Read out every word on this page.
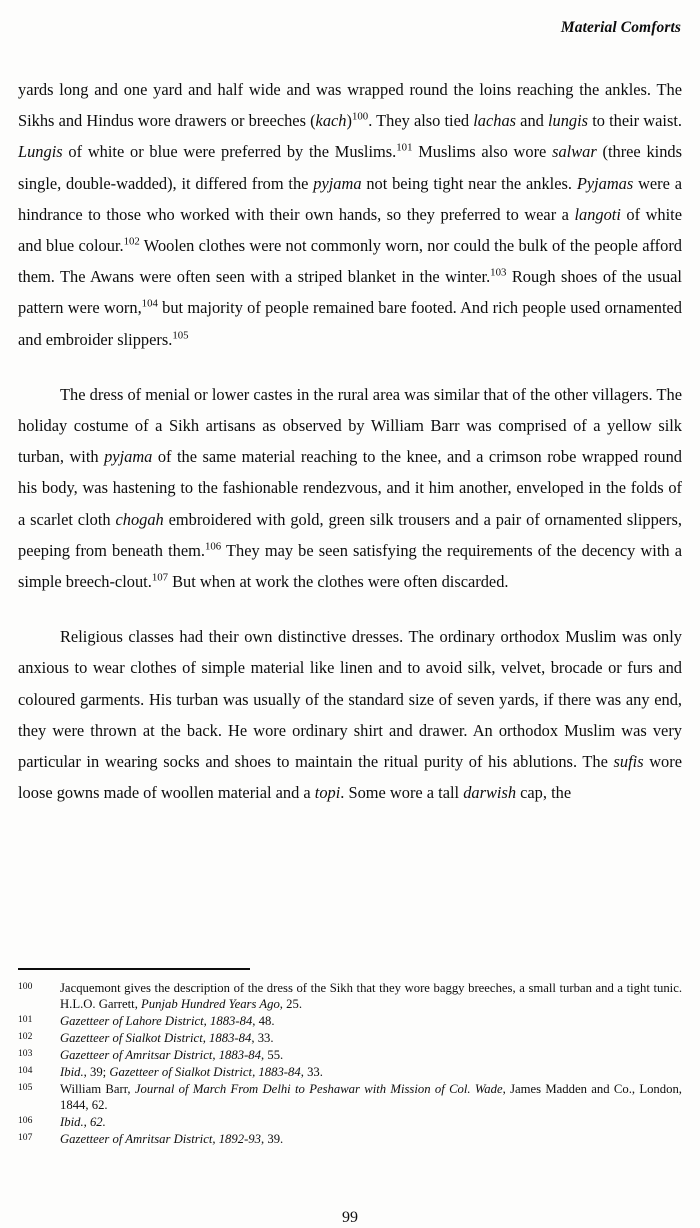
Material Comforts

yards long and one yard and half wide and was wrapped round the loins reaching the ankles. The Sikhs and Hindus wore drawers or breeches (kach)$^{100}$. They also tied lachas and lungis to their waist. Lungis of white or blue were preferred by the Muslims.$^{101}$ Muslims also wore salwar (three kinds single, double-wadded), it differed from the pyjama not being tight near the ankles. Pyjamas were a hindrance to those who worked with their own hands, so they preferred to wear a langoti of white and blue colour.$^{102}$ Woolen clothes were not commonly worn, nor could the bulk of the people afford them. The Awans were often seen with a striped blanket in the winter.$^{103}$ Rough shoes of the usual pattern were worn,$^{104}$ but majority of people remained bare footed. And rich people used ornamented and embroider slippers.$^{105}$

The dress of menial or lower castes in the rural area was similar that of the other villagers. The holiday costume of a Sikh artisans as observed by William Barr was comprised of a yellow silk turban, with pyjama of the same material reaching to the knee, and a crimson robe wrapped round his body, was hastening to the fashionable rendezvous, and it him another, enveloped in the folds of a scarlet cloth chogah embroidered with gold, green silk trousers and a pair of ornamented slippers, peeping from beneath them.$^{106}$ They may be seen satisfying the requirements of the decency with a simple breech-clout.$^{107}$ But when at work the clothes were often discarded.

Religious classes had their own distinctive dresses. The ordinary orthodox Muslim was only anxious to wear clothes of simple material like linen and to avoid silk, velvet, brocade or furs and coloured garments. His turban was usually of the standard size of seven yards, if there was any end, they were thrown at the back. He wore ordinary shirt and drawer. An orthodox Muslim was very particular in wearing socks and shoes to maintain the ritual purity of his ablutions. The sufis wore loose gowns made of woollen material and a topi. Some wore a tall darwish cap, the

100	Jacquemont gives the description of the dress of the Sikh that they wore baggy breeches, a small turban and a tight tunic. H.L.O. Garrett, Punjab Hundred Years Ago, 25.
101	Gazetteer of Lahore District, 1883-84, 48.
102	Gazetteer of Sialkot District, 1883-84, 33.
103	Gazetteer of Amritsar District, 1883-84, 55.
104	Ibid., 39; Gazetteer of Sialkot District, 1883-84, 33.
105	William Barr, Journal of March From Delhi to Peshawar with Mission of Col. Wade, James Madden and Co., London, 1844, 62.
106	Ibid., 62.
107	Gazetteer of Amritsar District, 1892-93, 39.
99
